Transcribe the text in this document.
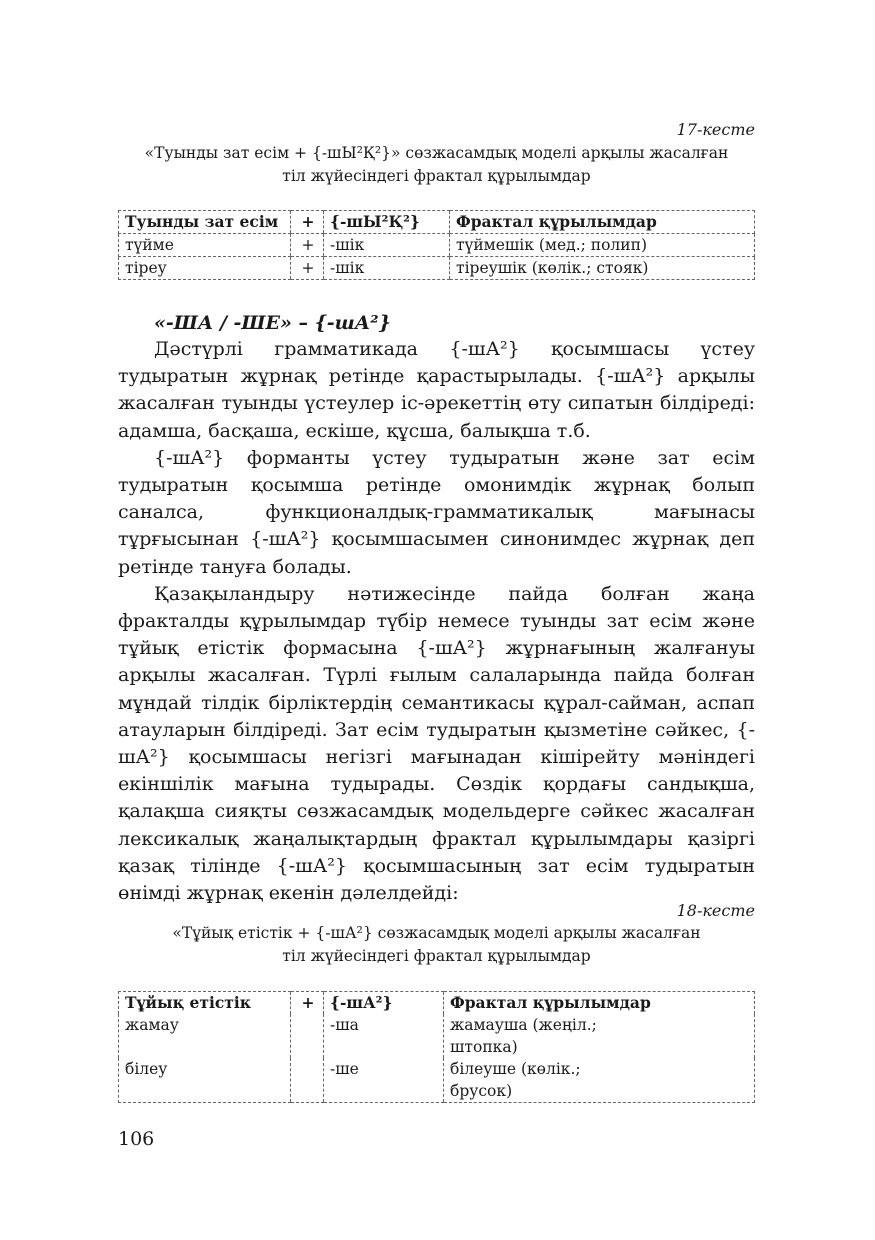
17-кесте
«Туынды зат есім + {-шЫ²Қ²}» сөзжасамдық моделі арқылы жасалған
тіл жүйесіндегі фрактал құрылымдар
Туынды зат есім	+	{-шЫ²Қ²}	Фрактал құрылымдар
түйме	+	-шік	түймешік (мед.; полип)
тіреу	+	-шік	тіреушік (көлік.; стояк)
«-ША / -ШЕ» – {-шА²}

Дәстүрлі грамматикада {-шА²} қосымшасы үстеу тудыратын жұрнақ ретінде қарастырылады. {-шА²} арқылы жасалған туынды үстеулер іс-әрекеттің өту сипатын білдіреді: адамша, басқаша, ескіше, құсша, балықша т.б.

{-шА²} форманты үстеу тудыратын және зат есім тудыратын қосымша ретінде омонимдік жұрнақ болып саналса, функционалдық-грамматикалық мағынасы тұрғысынан {-шА²} қосымшасымен синонимдес жұрнақ деп ретінде тануға болады.

Қазақыландыру нәтижесінде пайда болған жаңа фракталды құрылымдар түбір немесе туынды зат есім және тұйық етістік формасына {-шА²} жұрнағының жалғануы арқылы жасалған. Түрлі ғылым салаларында пайда болған мұндай тілдік бірліктердің семантикасы құрал-сайман, аспап атауларын білдіреді. Зат есім тудыратын қызметіне сәйкес, {-шА²} қосымшасы негізгі мағынадан кішірейту мәніндегі екіншілік мағына тудырады. Сөздік қордағы сандықша, қалақша сияқты сөзжасамдық модельдерге сәйкес жасалған лексикалық жаңалықтардың фрактал құрылымдары қазіргі қазақ тілінде {-шА²} қосымшасының зат есім тудыратын өнімді жұрнақ екенін дәлелдейді:

18-кесте
«Тұйық етістік + {-шА²} сөзжасамдық моделі арқылы жасалған
тіл жүйесіндегі фрактал құрылымдар
Тұйық етістік	+	{-шА²}	Фрактал құрылымдар
жамау		-ша	жамауша (жеңіл.;
штопка)

білеу		-ше	білеуше (көлік.;
брусок)
106
